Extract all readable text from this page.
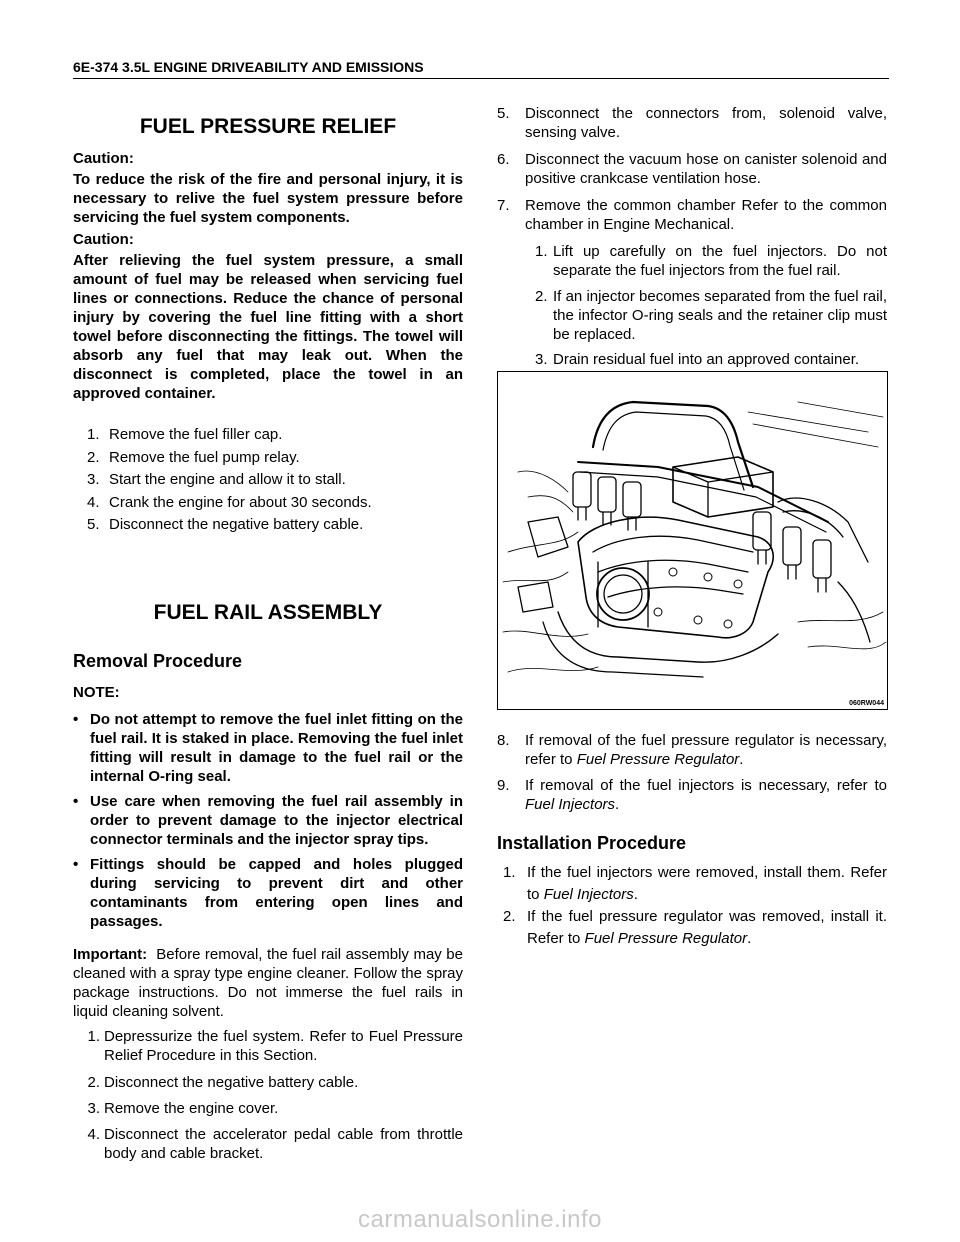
6E-374 3.5L ENGINE DRIVEABILITY AND EMISSIONS
FUEL PRESSURE RELIEF

Caution:

To reduce the risk of the fire and personal injury, it is necessary to relive the fuel system pressure before servicing the fuel system components.

Caution:

After relieving the fuel system pressure, a small amount of fuel may be released when servicing fuel lines or connections. Reduce the chance of personal injury by covering the fuel line fitting with a short towel before disconnecting the fittings. The towel will absorb any fuel that may leak out. When the disconnect is completed, place the towel in an approved container.

1. Remove the fuel filler cap.
2. Remove the fuel pump relay.
3. Start the engine and allow it to stall.
4. Crank the engine for about 30 seconds.
5. Disconnect the negative battery cable.
FUEL RAIL ASSEMBLY
Removal Procedure

NOTE:

• Do not attempt to remove the fuel inlet fitting on the fuel rail. It is staked in place. Removing the fuel inlet fitting will result in damage to the fuel rail or the internal O-ring seal.
• Use care when removing the fuel rail assembly in order to prevent damage to the injector electrical connector terminals and the injector spray tips.
• Fittings should be capped and holes plugged during servicing to prevent dirt and other contaminants from entering open lines and passages.

Important: Before removal, the fuel rail assembly may be cleaned with a spray type engine cleaner. Follow the spray package instructions. Do not immerse the fuel rails in liquid cleaning solvent.

1. Depressurize the fuel system. Refer to Fuel Pressure Relief Procedure in this Section.
2. Disconnect the negative battery cable.
3. Remove the engine cover.
4. Disconnect the accelerator pedal cable from throttle body and cable bracket.
5.	Disconnect the connectors from, solenoid valve, sensing valve.
6.	Disconnect the vacuum hose on canister solenoid and positive crankcase ventilation hose.
7.	Remove the common chamber Refer to the common chamber in Engine Mechanical.
1. Lift up carefully on the fuel injectors. Do not separate the fuel injectors from the fuel rail.
2. If an injector becomes separated from the fuel rail, the infector O-ring seals and the retainer clip must be replaced.
3. Drain residual fuel into an approved container.
060RW044
8.	If removal of the fuel pressure regulator is necessary, refer to Fuel Pressure Regulator.
9.	If removal of the fuel injectors is necessary, refer to Fuel Injectors.
Installation Procedure
1. If the fuel injectors were removed, install them. Refer to Fuel Injectors.
2. If the fuel pressure regulator was removed, install it. Refer to Fuel Pressure Regulator.
carmanualsonline.info
